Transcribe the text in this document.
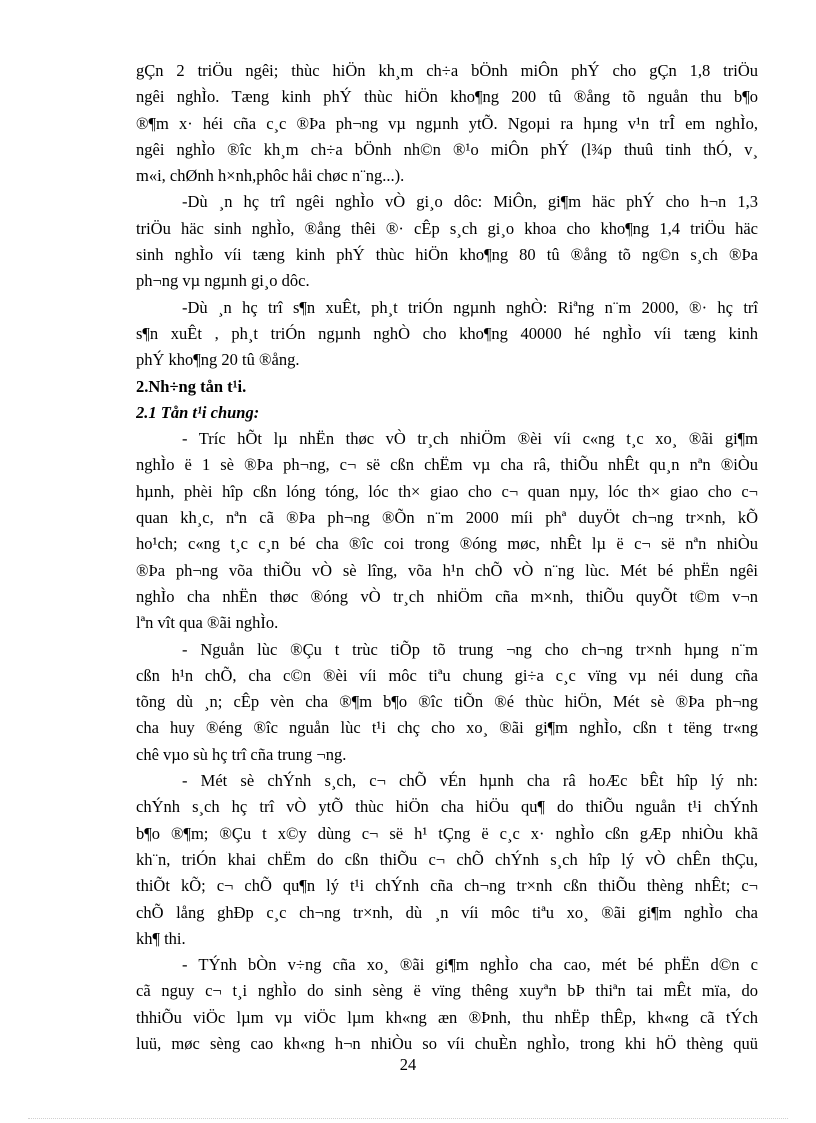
gÇn 2 triÖu ngêi; thùc hiÖn kh¸m ch÷a bÖnh miÔn phÝ cho gÇn 1,8 triÖu
ngêi nghÌo. Tæng kinh phÝ thùc hiÖn kho¶ng 200 tû ®ång tõ nguån thu b¶o
®¶m x· héi cña c¸c ®Þa ph¬ng vµ ngµnh ytÕ. Ngoµi ra hµng v¹n trÎ em nghÌo,
ngêi nghÌo ®îc kh¸m ch÷a bÖnh nh©n ®¹o miÔn phÝ (l¾p thuû tinh thÓ, v¸
m«i, chØnh h×nh,phôc håi chøc n¨ng...).
-Dù ¸n hç trî ngêi nghÌo vÒ gi¸o dôc: MiÔn, gi¶m häc phÝ cho h¬n 1,3
triÖu häc sinh nghÌo, ®ång thêi ®· cÊp s¸ch gi¸o khoa cho kho¶ng 1,4 triÖu häc
sinh nghÌo víi tæng kinh phÝ thùc hiÖn kho¶ng 80 tû ®ång tõ ng©n s¸ch ®Þa
ph¬ng vµ ngµnh gi¸o dôc.
-Dù ¸n hç trî s¶n xuÊt, ph¸t triÓn ngµnh nghÒ: Riªng n¨m 2000, ®· hç trî
s¶n xuÊt , ph¸t triÓn ngµnh nghÒ cho kho¶ng 40000 hé nghÌo víi tæng kinh
phÝ kho¶ng 20 tû ®ång.
2.Nh÷ng tån t¹i.
2.1 Tån t¹i chung:
- Tríc hÕt lµ nhËn thøc vÒ tr¸ch nhiÖm ®èi víi c«ng t¸c xo¸ ®ãi gi¶m
nghÌo ë 1 sè ®Þa ph¬ng, c¬ së cßn chËm vµ cha râ, thiÕu nhÊt qu¸n nªn ®iÒu
hµnh, phèi hîp cßn lóng tóng, lóc th× giao cho c¬ quan nµy, lóc th× giao cho c¬
quan kh¸c, nªn cã ®Þa ph¬ng ®Õn n¨m 2000 míi phª duyÖt ch¬ng tr×nh, kÕ
ho¹ch; c«ng t¸c c¸n bé cha ®îc coi trong ®óng møc, nhÊt lµ ë c¬ së nªn nhiÒu
®Þa ph¬ng võa thiÕu vÒ sè lîng, võa h¹n chÕ vÒ n¨ng lùc. Mét bé phËn ngêi
nghÌo cha nhËn thøc ®óng vÒ tr¸ch nhiÖm cña m×nh, thiÕu quyÕt t©m v¬n
lªn vît qua ®ãi nghÌo.
- Nguån lùc ®Çu t trùc tiÕp tõ trung ¬ng cho ch¬ng tr×nh hµng n¨m
cßn h¹n chÕ, cha c©n ®èi víi môc tiªu chung gi÷a c¸c vïng vµ néi dung cña
tõng dù ¸n; cÊp vèn cha ®¶m b¶o ®îc tiÕn ®é thùc hiÖn, Mét sè ®Þa ph¬ng
cha huy ®éng ®îc nguån lùc t¹i chç cho xo¸ ®ãi gi¶m nghÌo, cßn t tëng tr«ng
chê vµo sù hç trî cña trung ¬ng.
- Mét sè chÝnh s¸ch, c¬ chÕ vÉn hµnh cha râ hoÆc bÊt hîp lý nh:
chÝnh s¸ch hç trî vÒ ytÕ thùc hiÖn cha hiÖu qu¶ do thiÕu nguån t¹i chÝnh
b¶o ®¶m; ®Çu t x©y dùng c¬ së h¹ tÇng ë c¸c x· nghÌo cßn gÆp nhiÒu khã
kh¨n, triÓn khai chËm do cßn thiÕu c¬ chÕ chÝnh s¸ch hîp lý vÒ chÊn thÇu,
thiÕt kÕ; c¬ chÕ qu¶n lý t¹i chÝnh cña ch¬ng tr×nh cßn thiÕu thèng nhÊt; c¬
chÕ lång ghÐp c¸c ch¬ng tr×nh, dù ¸n víi môc tiªu xo¸ ®ãi gi¶m nghÌo cha
kh¶ thi.
- TÝnh bÒn v÷ng cña xo¸ ®ãi gi¶m nghÌo cha cao, mét bé phËn d©n c
cã nguy c¬ t¸i nghÌo do sinh sèng ë vïng thêng xuyªn bÞ thiªn tai mÊt mïa, do
thhiÕu viÖc lµm vµ viÖc lµm kh«ng æn ®Þnh, thu nhËp thÊp, kh«ng cã tÝch
luü, møc sèng cao kh«ng h¬n nhiÒu so víi chuÈn nghÌo, trong khi hÖ thèng quü
24
